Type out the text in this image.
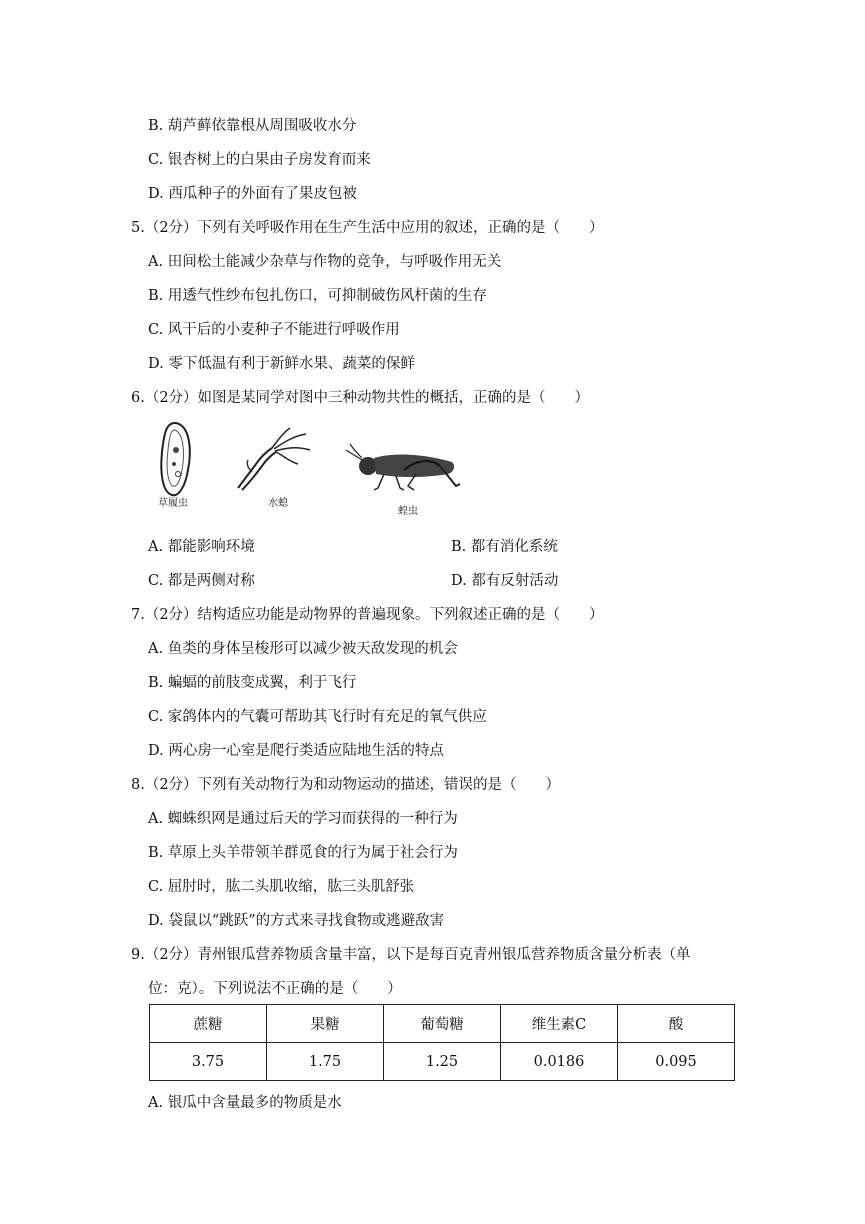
B. 葫芦藓依靠根从周围吸收水分
C. 银杏树上的白果由子房发育而来
D. 西瓜种子的外面有了果皮包被
5.（2分）下列有关呼吸作用在生产生活中应用的叙述，正确的是（　　）
A. 田间松土能减少杂草与作物的竞争，与呼吸作用无关
B. 用透气性纱布包扎伤口，可抑制破伤风杆菌的生存
C. 风干后的小麦种子不能进行呼吸作用
D. 零下低温有利于新鲜水果、蔬菜的保鲜
6.（2分）如图是某同学对图中三种动物共性的概括，正确的是（　　）
草履虫	水螅
蝗虫
A. 都能影响环境	B. 都有消化系统
C. 都是两侧对称	D. 都有反射活动
7.（2分）结构适应功能是动物界的普遍现象。下列叙述正确的是（　　）
A. 鱼类的身体呈梭形可以减少被天敌发现的机会
B. 蝙蝠的前肢变成翼，利于飞行
C. 家鸽体内的气囊可帮助其飞行时有充足的氧气供应
D. 两心房一心室是爬行类适应陆地生活的特点
8.（2分）下列有关动物行为和动物运动的描述，错误的是（　　）
A. 蜘蛛织网是通过后天的学习而获得的一种行为
B. 草原上头羊带领羊群觅食的行为属于社会行为
C. 屈肘时，肱二头肌收缩，肱三头肌舒张
D. 袋鼠以“跳跃”的方式来寻找食物或逃避敌害
9.（2分）青州银瓜营养物质含量丰富，以下是每百克青州银瓜营养物质含量分析表（单
位：克）。下列说法不正确的是（　　）
蔗糖	果糖	葡萄糖	维生素C	酸
3.75	1.75	1.25	0.0186	0.095
A. 银瓜中含量最多的物质是水
